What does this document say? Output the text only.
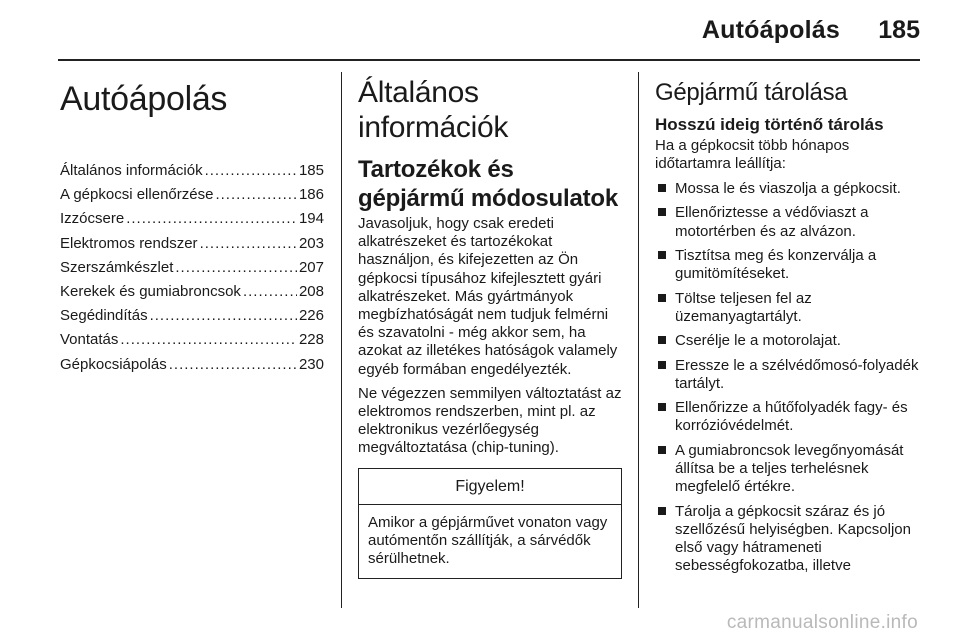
Autóápolás 185
Autóápolás
Általános információk .....	185
A gépkocsi ellenőrzése .....	186
Izzócsere .....	194
Elektromos rendszer .....	203
Szerszámkészlet .....	207
Kerekek és gumiabroncsok .....	208
Segédindítás .....	226
Vontatás .....	228
Gépkocsiápolás .....	230
Általános információk
Tartozékok és gépjármű módosulatok

Javasoljuk, hogy csak eredeti alkatrészeket és tartozékokat használjon, és kifejezetten az Ön gépkocsi típusához kifejlesztett gyári alkatrészeket. Más gyártmányok megbízhatóságát nem tudjuk felmérni és szavatolni - még akkor sem, ha azokat az illetékes hatóságok valamely egyéb formában engedélyezték.

Ne végezzen semmilyen változtatást az elektromos rendszerben, mint pl. az elektronikus vezérlőegység megváltoztatása (chip-tuning).

Figyelem!
Amikor a gépjárművet vonaton vagy autómentőn szállítják, a sárvédők sérülhetnek.
Gépjármű tárolása
Hosszú ideig történő tárolás

Ha a gépkocsit több hónapos időtartamra leállítja:

Mossa le és viaszolja a gépkocsit.
Ellenőriztesse a védőviaszt a motortérben és az alvázon.
Tisztítsa meg és konzerválja a gumitömítéseket.
Töltse teljesen fel az üzemanyagtartályt.
Cserélje le a motorolajat.
Eressze le a szélvédőmosó-folyadék tartályt.
Ellenőrizze a hűtőfolyadék fagy- és korrózióvédelmét.
A gumiabroncsok levegőnyomását állítsa be a teljes terhelésnek megfelelő értékre.
Tárolja a gépkocsit száraz és jó szellőzésű helyiségben. Kapcsoljon első vagy hátrameneti sebességfokozatba, illetve
carmanualsonline.info
